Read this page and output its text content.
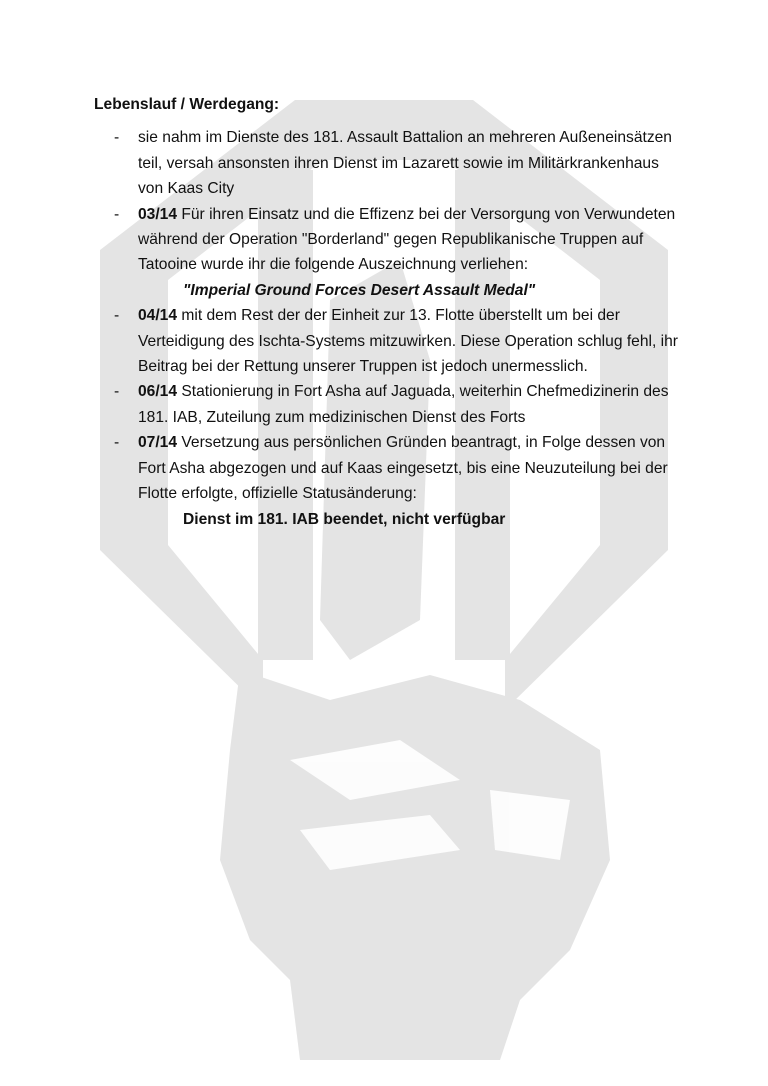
Lebenslauf / Werdegang:
- sie nahm im Dienste des 181. Assault Battalion an mehreren Außeneinsätzen teil, versah ansonsten ihren Dienst im Lazarett sowie im Militärkrankenhaus von Kaas City
- 03/14 Für ihren Einsatz und die Effizenz bei der Versorgung von Verwundeten während der Operation "Borderland" gegen Republikanische Truppen auf Tatooine wurde ihr die folgende Auszeichnung verliehen:
"Imperial Ground Forces Desert Assault Medal"
- 04/14 mit dem Rest der der Einheit zur 13. Flotte überstellt um bei der Verteidigung des Ischta-Systems mitzuwirken. Diese Operation schlug fehl, ihr Beitrag bei der Rettung unserer Truppen ist jedoch unermesslich.
- 06/14 Stationierung in Fort Asha auf Jaguada, weiterhin Chefmedizinerin des 181. IAB, Zuteilung zum medizinischen Dienst des Forts
- 07/14 Versetzung aus persönlichen Gründen beantragt, in Folge dessen von Fort Asha abgezogen und auf Kaas eingesetzt, bis eine Neuzuteilung bei der Flotte erfolgte, offizielle Statusänderung:
Dienst im 181. IAB beendet, nicht verfügbar
